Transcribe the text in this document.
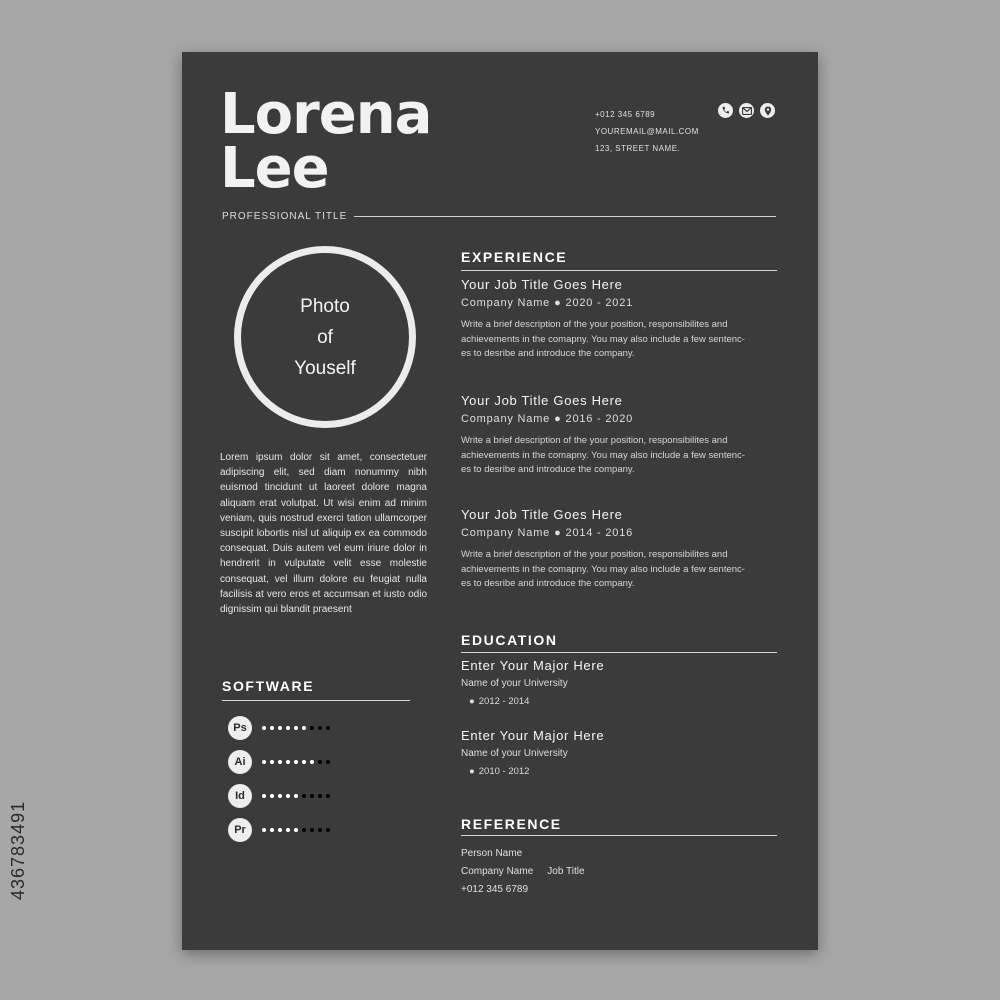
436783491
Lorena
Lee
PROFESSIONAL TITLE
+012 345 6789
YOUREMAIL@MAIL.COM
123, STREET NAME.
Photo
of
Youself
Lorem ipsum dolor sit amet, consectetuer adipiscing elit, sed diam nonummy nibh euismod tincidunt ut laoreet dolore magna aliquam erat volutpat. Ut wisi enim ad minim veniam, quis nostrud exerci tation ullamcorper suscipit lobortis nisl ut aliquip ex ea commodo consequat. Duis autem vel eum iriure dolor in hendrerit in vulputate velit esse molestie consequat, vel illum dolore eu feugiat nulla facilisis at vero eros et accumsan et iusto odio dignissim qui blandit praesent
SOFTWARE
Ps
Ai
Id
Pr
EXPERIENCE
Your Job Title Goes Here
Company Name ● 2020 - 2021
Write a brief description of the your position, responsibilites and
achievements in the comapny. You may also include a few sentenc-
es to desribe and introduce the company.
Your Job Title Goes Here
Company Name ● 2016 - 2020
Write a brief description of the your position, responsibilites and
achievements in the comapny. You may also include a few sentenc-
es to desribe and introduce the company.
Your Job Title Goes Here
Company Name ● 2014 - 2016
Write a brief description of the your position, responsibilites and
achievements in the comapny. You may also include a few sentenc-
es to desribe and introduce the company.
EDUCATION
Enter Your Major Here
Name of your University
● 2012 - 2014
Enter Your Major Here
Name of your University
● 2010 - 2012
REFERENCE
Person Name
Company Name Job Title
+012 345 6789
